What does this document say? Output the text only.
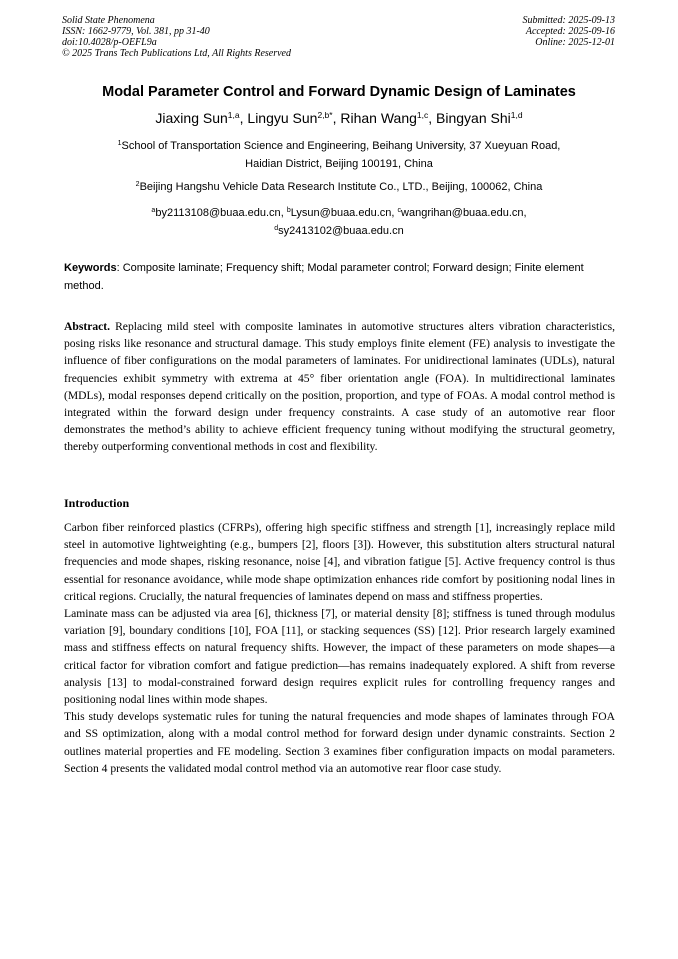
Solid State Phenomena
ISSN: 1662-9779, Vol. 381, pp 31-40
doi:10.4028/p-OEFL9a
© 2025 Trans Tech Publications Ltd, All Rights Reserved
Submitted: 2025-09-13
Accepted: 2025-09-16
Online: 2025-12-01
Modal Parameter Control and Forward Dynamic Design of Laminates
Jiaxing Sun$^{1,a}$, Lingyu Sun$^{2,b*}$, Rihan Wang$^{1,c}$, Bingyan Shi$^{1,d}$
$^1$School of Transportation Science and Engineering, Beihang University, 37 Xueyuan Road,
Haidian District, Beijing 100191, China
$^2$Beijing Hangshu Vehicle Data Research Institute Co., LTD., Beijing, 100062, China
$^a$by2113108@buaa.edu.cn, $^b$Lysun@buaa.edu.cn, $^c$wangrihan@buaa.edu.cn,
$^d$sy2413102@buaa.edu.cn
Keywords: Composite laminate; Frequency shift; Modal parameter control; Forward design; Finite element method.
Abstract. Replacing mild steel with composite laminates in automotive structures alters vibration characteristics, posing risks like resonance and structural damage. This study employs finite element (FE) analysis to investigate the influence of fiber configurations on the modal parameters of laminates. For unidirectional laminates (UDLs), natural frequencies exhibit symmetry with extrema at 45° fiber orientation angle (FOA). In multidirectional laminates (MDLs), modal responses depend critically on the position, proportion, and type of FOAs. A modal control method is integrated within the forward design under frequency constraints. A case study of an automotive rear floor demonstrates the method’s ability to achieve efficient frequency tuning without modifying the structural geometry, thereby outperforming conventional methods in cost and flexibility.
Introduction

Carbon fiber reinforced plastics (CFRPs), offering high specific stiffness and strength [1], increasingly replace mild steel in automotive lightweighting (e.g., bumpers [2], floors [3]). However, this substitution alters structural natural frequencies and mode shapes, risking resonance, noise [4], and vibration fatigue [5]. Active frequency control is thus essential for resonance avoidance, while mode shape optimization enhances ride comfort by positioning nodal lines in critical regions. Crucially, the natural frequencies of laminates depend on mass and stiffness properties.

Laminate mass can be adjusted via area [6], thickness [7], or material density [8]; stiffness is tuned through modulus variation [9], boundary conditions [10], FOA [11], or stacking sequences (SS) [12]. Prior research largely examined mass and stiffness effects on natural frequency shifts. However, the impact of these parameters on mode shapes—a critical factor for vibration comfort and fatigue prediction—has remains inadequately explored. A shift from reverse analysis [13] to modal-constrained forward design requires explicit rules for controlling frequency ranges and positioning nodal lines within mode shapes.

This study develops systematic rules for tuning the natural frequencies and mode shapes of laminates through FOA and SS optimization, along with a modal control method for forward design under dynamic constraints. Section 2 outlines material properties and FE modeling. Section 3 examines fiber configuration impacts on modal parameters. Section 4 presents the validated modal control method via an automotive rear floor case study.
